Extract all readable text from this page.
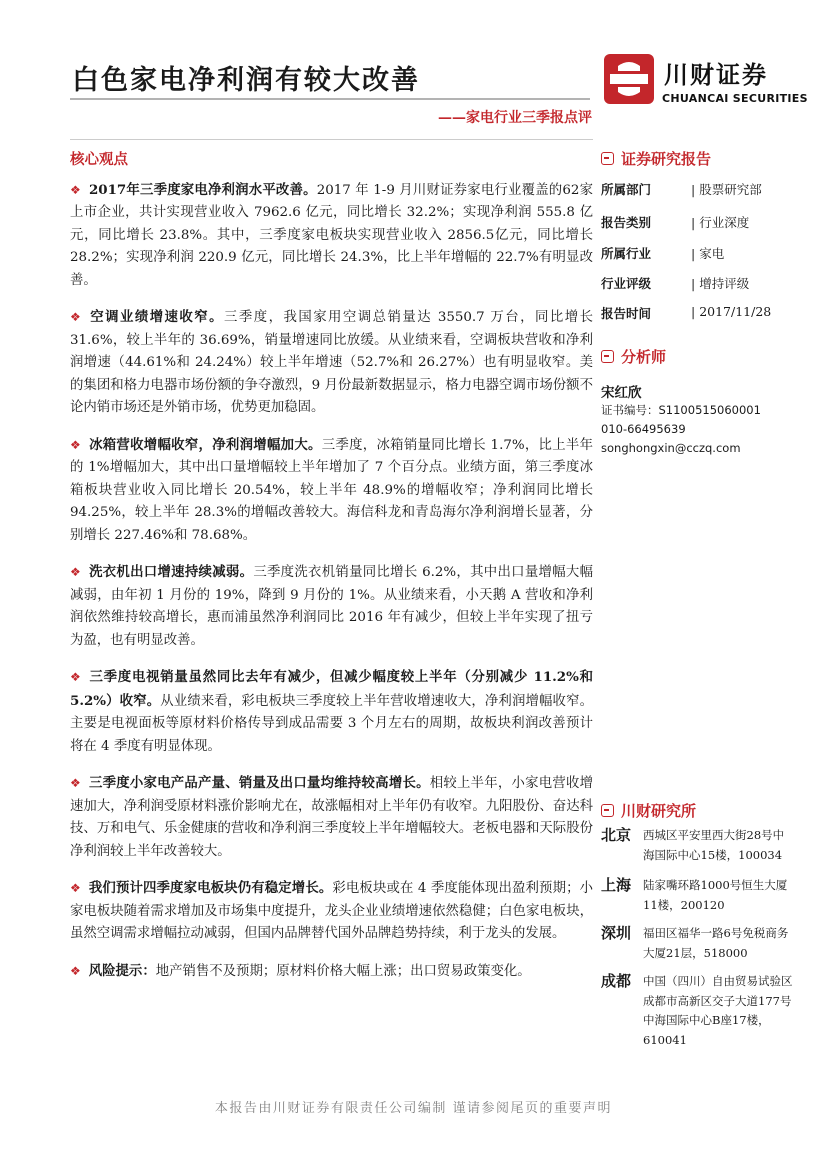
白色家电净利润有较大改善
——家电行业三季报点评
川财证券
CHUANCAI SECURITIES
核心观点

❖ 2017年三季度家电净利润水平改善。2017 年 1-9 月川财证券家电行业覆盖的62家上市企业，共计实现营业收入 7962.6 亿元，同比增长 32.2%；实现净利润 555.8 亿元，同比增长 23.8%。其中，三季度家电板块实现营业收入 2856.5亿元，同比增长 28.2%；实现净利润 220.9 亿元，同比增长 24.3%，比上半年增幅的 22.7%有明显改善。

❖ 空调业绩增速收窄。三季度，我国家用空调总销量达 3550.7 万台，同比增长 31.6%，较上半年的 36.69%，销量增速同比放缓。从业绩来看，空调板块营收和净利润增速（44.61%和 24.24%）较上半年增速（52.7%和 26.27%）也有明显收窄。美的集团和格力电器市场份额的争夺激烈，9 月份最新数据显示，格力电器空调市场份额不论内销市场还是外销市场，优势更加稳固。

❖ 冰箱营收增幅收窄，净利润增幅加大。三季度，冰箱销量同比增长 1.7%，比上半年的 1%增幅加大，其中出口量增幅较上半年增加了 7 个百分点。业绩方面，第三季度冰箱板块营业收入同比增长 20.54%，较上半年 48.9%的增幅收窄；净利润同比增长 94.25%，较上半年 28.3%的增幅改善较大。海信科龙和青岛海尔净利润增长显著，分别增长 227.46%和 78.68%。

❖ 洗衣机出口增速持续减弱。三季度洗衣机销量同比增长 6.2%，其中出口量增幅大幅减弱，由年初 1 月份的 19%，降到 9 月份的 1%。从业绩来看，小天鹅 A 营收和净利润依然维持较高增长，惠而浦虽然净利润同比 2016 年有减少，但较上半年实现了扭亏为盈，也有明显改善。

❖ 三季度电视销量虽然同比去年有减少，但减少幅度较上半年（分别减少 11.2%和 5.2%）收窄。从业绩来看，彩电板块三季度较上半年营收增速收大，净利润增幅收窄。主要是电视面板等原材料价格传导到成品需要 3 个月左右的周期，故板块利润改善预计将在 4 季度有明显体现。

❖ 三季度小家电产品产量、销量及出口量均维持较高增长。相较上半年，小家电营收增速加大，净利润受原材料涨价影响尤在，故涨幅相对上半年仍有收窄。九阳股份、奋达科技、万和电气、乐金健康的营收和净利润三季度较上半年增幅较大。老板电器和天际股份净利润较上半年改善较大。

❖ 我们预计四季度家电板块仍有稳定增长。彩电板块或在 4 季度能体现出盈利预期；小家电板块随着需求增加及市场集中度提升，龙头企业业绩增速依然稳健；白色家电板块，虽然空调需求增幅拉动减弱，但国内品牌替代国外品牌趋势持续，利于龙头的发展。

❖ 风险提示：地产销售不及预期；原材料价格大幅上涨；出口贸易政策变化。

证券研究报告
所属部门	| 股票研究部
报告类别	| 行业深度
所属行业	| 家电
行业评级	| 增持评级
报告时间	| 2017/11/28
分析师
宋红欣
证书编号：S1100515060001
010-66495639
songhongxin@cczq.com
川财研究所
北京 西城区平安里西大街28号中海国际中心15楼，100034
上海 陆家嘴环路1000号恒生大厦11楼，200120
深圳 福田区福华一路6号免税商务大厦21层，518000
成都 中国（四川）自由贸易试验区成都市高新区交子大道177号中海国际中心B座17楼，610041
本报告由川财证券有限责任公司编制 谨请参阅尾页的重要声明
